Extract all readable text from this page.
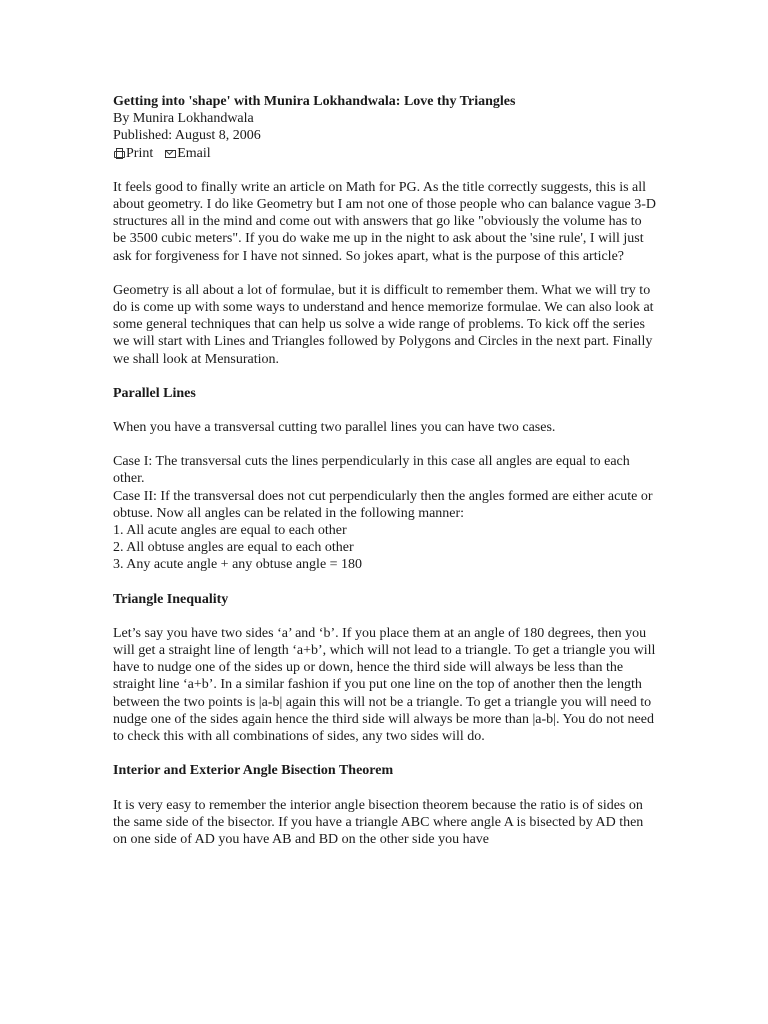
Getting into 'shape' with Munira Lokhandwala: Love thy Triangles
By Munira Lokhandwala
Published: August 8, 2006
Print Email

It feels good to finally write an article on Math for PG. As the title correctly suggests, this is all about geometry. I do like Geometry but I am not one of those people who can balance vague 3-D structures all in the mind and come out with answers that go like "obviously the volume has to be 3500 cubic meters". If you do wake me up in the night to ask about the 'sine rule', I will just ask for forgiveness for I have not sinned. So jokes apart, what is the purpose of this article?

Geometry is all about a lot of formulae, but it is difficult to remember them. What we will try to do is come up with some ways to understand and hence memorize formulae. We can also look at some general techniques that can help us solve a wide range of problems. To kick off the series we will start with Lines and Triangles followed by Polygons and Circles in the next part. Finally we shall look at Mensuration.

Parallel Lines

When you have a transversal cutting two parallel lines you can have two cases.

Case I: The transversal cuts the lines perpendicularly in this case all angles are equal to each other.

Case II: If the transversal does not cut perpendicularly then the angles formed are either acute or obtuse. Now all angles can be related in the following manner:

1. All acute angles are equal to each other

2. All obtuse angles are equal to each other

3. Any acute angle + any obtuse angle = 180

Triangle Inequality

Let’s say you have two sides ‘a’ and ‘b’. If you place them at an angle of 180 degrees, then you will get a straight line of length ‘a+b’, which will not lead to a triangle. To get a triangle you will have to nudge one of the sides up or down, hence the third side will always be less than the straight line ‘a+b’. In a similar fashion if you put one line on the top of another then the length between the two points is |a-b| again this will not be a triangle. To get a triangle you will need to nudge one of the sides again hence the third side will always be more than |a-b|. You do not need to check this with all combinations of sides, any two sides will do.

Interior and Exterior Angle Bisection Theorem

It is very easy to remember the interior angle bisection theorem because the ratio is of sides on the same side of the bisector. If you have a triangle ABC where angle A is bisected by AD then on one side of AD you have AB and BD on the other side you have
